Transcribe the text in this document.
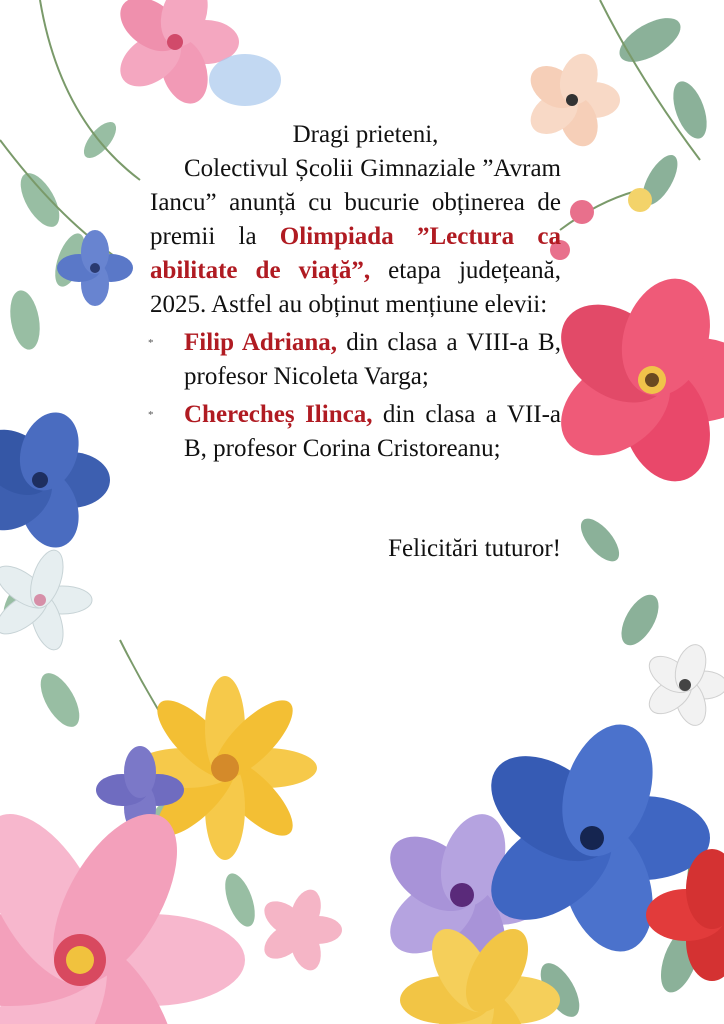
Dragi prieteni,

Colectivul Școlii Gimnaziale ”Avram Iancu” anunță cu bucurie obținerea de premii la Olimpiada ”Lectura ca abilitate de viață”, etapa județeană, 2025. Astfel au obținut mențiune elevii:

* Filip Adriana, din clasa a VIII-a B, profesor Nicoleta Varga;
* Cherecheș Ilinca, din clasa a VII-a B, profesor Corina Cristoreanu;

Felicitări tuturor!
